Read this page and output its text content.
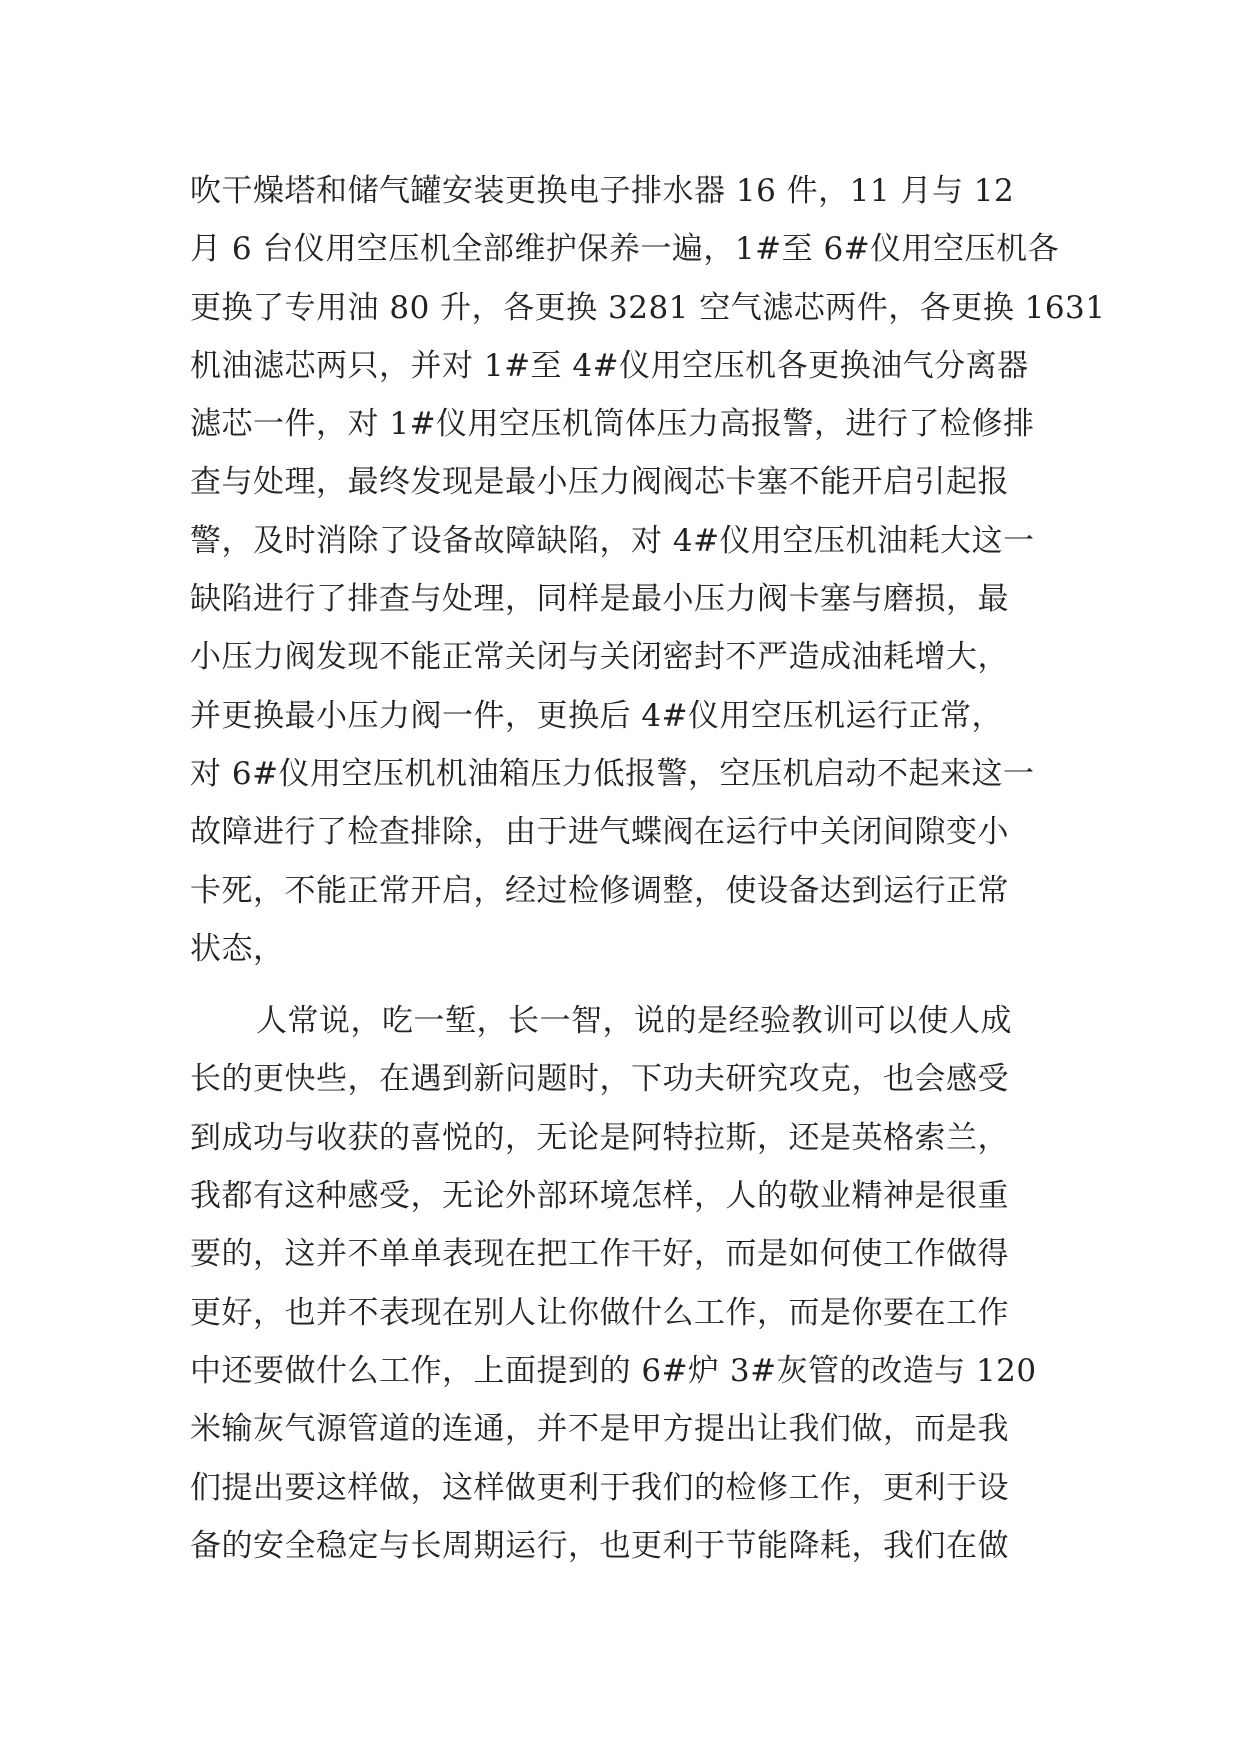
吹干燥塔和储气罐安装更换电子排水器 16 件，11 月与 12
月 6 台仪用空压机全部维护保养一遍，1#至 6#仪用空压机各
更换了专用油 80 升，各更换 3281 空气滤芯两件，各更换 1631
机油滤芯两只，并对 1#至 4#仪用空压机各更换油气分离器
滤芯一件，对 1#仪用空压机筒体压力高报警，进行了检修排
查与处理，最终发现是最小压力阀阀芯卡塞不能开启引起报
警，及时消除了设备故障缺陷，对 4#仪用空压机油耗大这一
缺陷进行了排查与处理，同样是最小压力阀卡塞与磨损，最
小压力阀发现不能正常关闭与关闭密封不严造成油耗增大，
并更换最小压力阀一件，更换后 4#仪用空压机运行正常，
对 6#仪用空压机机油箱压力低报警，空压机启动不起来这一
故障进行了检查排除，由于进气蝶阀在运行中关闭间隙变小
卡死，不能正常开启，经过检修调整，使设备达到运行正常
状态，
人常说，吃一堑，长一智，说的是经验教训可以使人成
长的更快些，在遇到新问题时，下功夫研究攻克，也会感受
到成功与收获的喜悦的，无论是阿特拉斯，还是英格索兰，
我都有这种感受，无论外部环境怎样，人的敬业精神是很重
要的，这并不单单表现在把工作干好，而是如何使工作做得
更好，也并不表现在别人让你做什么工作，而是你要在工作
中还要做什么工作，上面提到的 6#炉 3#灰管的改造与 120
米输灰气源管道的连通，并不是甲方提出让我们做，而是我
们提出要这样做，这样做更利于我们的检修工作，更利于设
备的安全稳定与长周期运行，也更利于节能降耗，我们在做
